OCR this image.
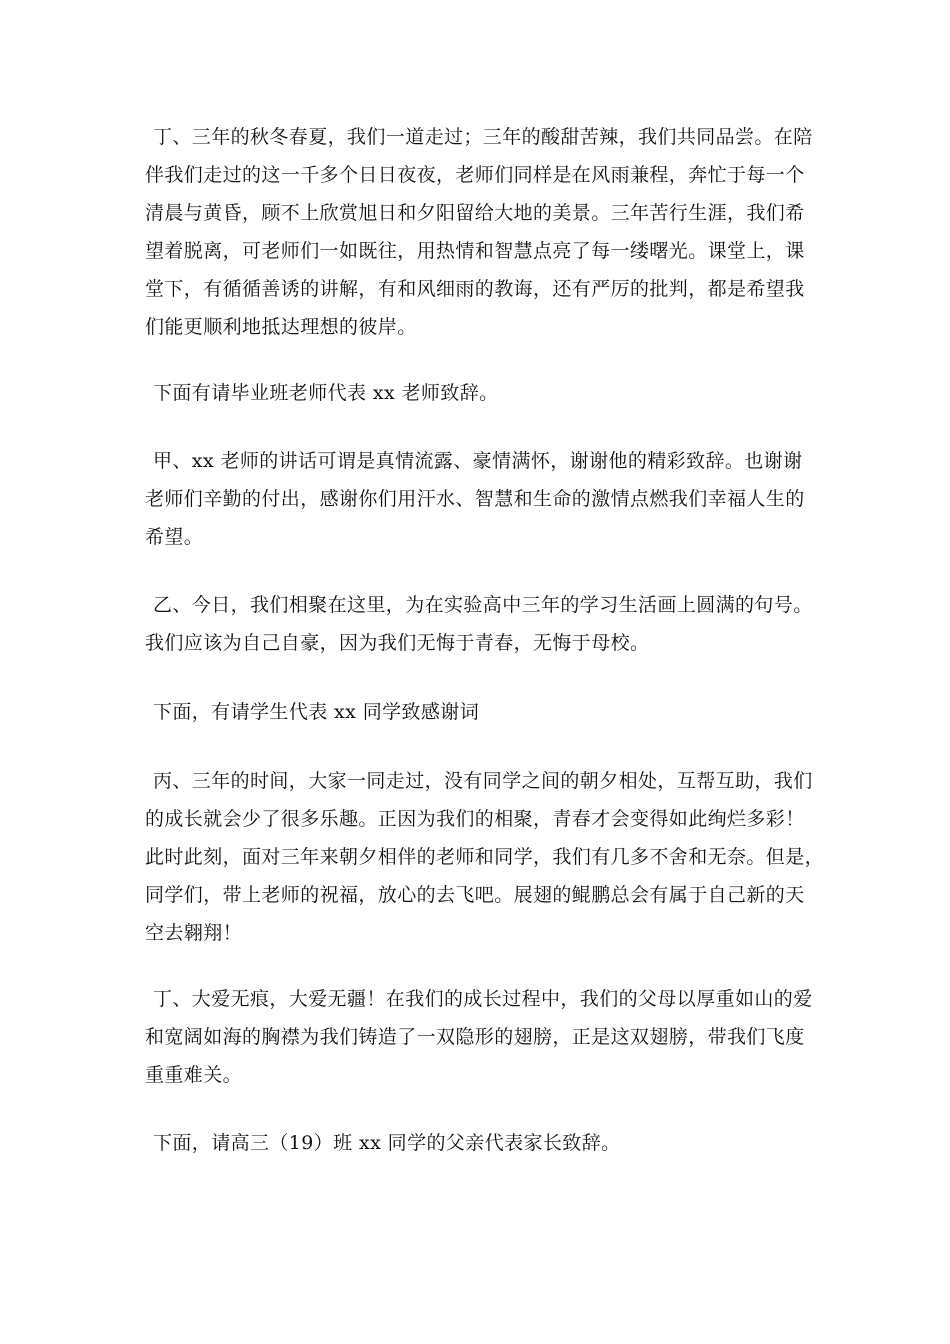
丁、三年的秋冬春夏，我们一道走过；三年的酸甜苦辣，我们共同品尝。在陪
伴我们走过的这一千多个日日夜夜，老师们同样是在风雨兼程，奔忙于每一个
清晨与黄昏，顾不上欣赏旭日和夕阳留给大地的美景。三年苦行生涯，我们希
望着脱离，可老师们一如既往，用热情和智慧点亮了每一缕曙光。课堂上，课
堂下，有循循善诱的讲解，有和风细雨的教诲，还有严厉的批判，都是希望我
们能更顺利地抵达理想的彼岸。

下面有请毕业班老师代表 xx 老师致辞。

甲、xx 老师的讲话可谓是真情流露、豪情满怀，谢谢他的精彩致辞。也谢谢
老师们辛勤的付出，感谢你们用汗水、智慧和生命的激情点燃我们幸福人生的
希望。

乙、今日，我们相聚在这里，为在实验高中三年的学习生活画上圆满的句号。
我们应该为自己自豪，因为我们无悔于青春，无悔于母校。

下面，有请学生代表 xx 同学致感谢词

丙、三年的时间，大家一同走过，没有同学之间的朝夕相处，互帮互助，我们
的成长就会少了很多乐趣。正因为我们的相聚，青春才会变得如此绚烂多彩！
此时此刻，面对三年来朝夕相伴的老师和同学，我们有几多不舍和无奈。但是，
同学们，带上老师的祝福，放心的去飞吧。展翅的鲲鹏总会有属于自己新的天
空去翱翔！

丁、大爱无痕，大爱无疆！在我们的成长过程中，我们的父母以厚重如山的爱
和宽阔如海的胸襟为我们铸造了一双隐形的翅膀，正是这双翅膀，带我们飞度
重重难关。

下面，请高三（19）班 xx 同学的父亲代表家长致辞。
